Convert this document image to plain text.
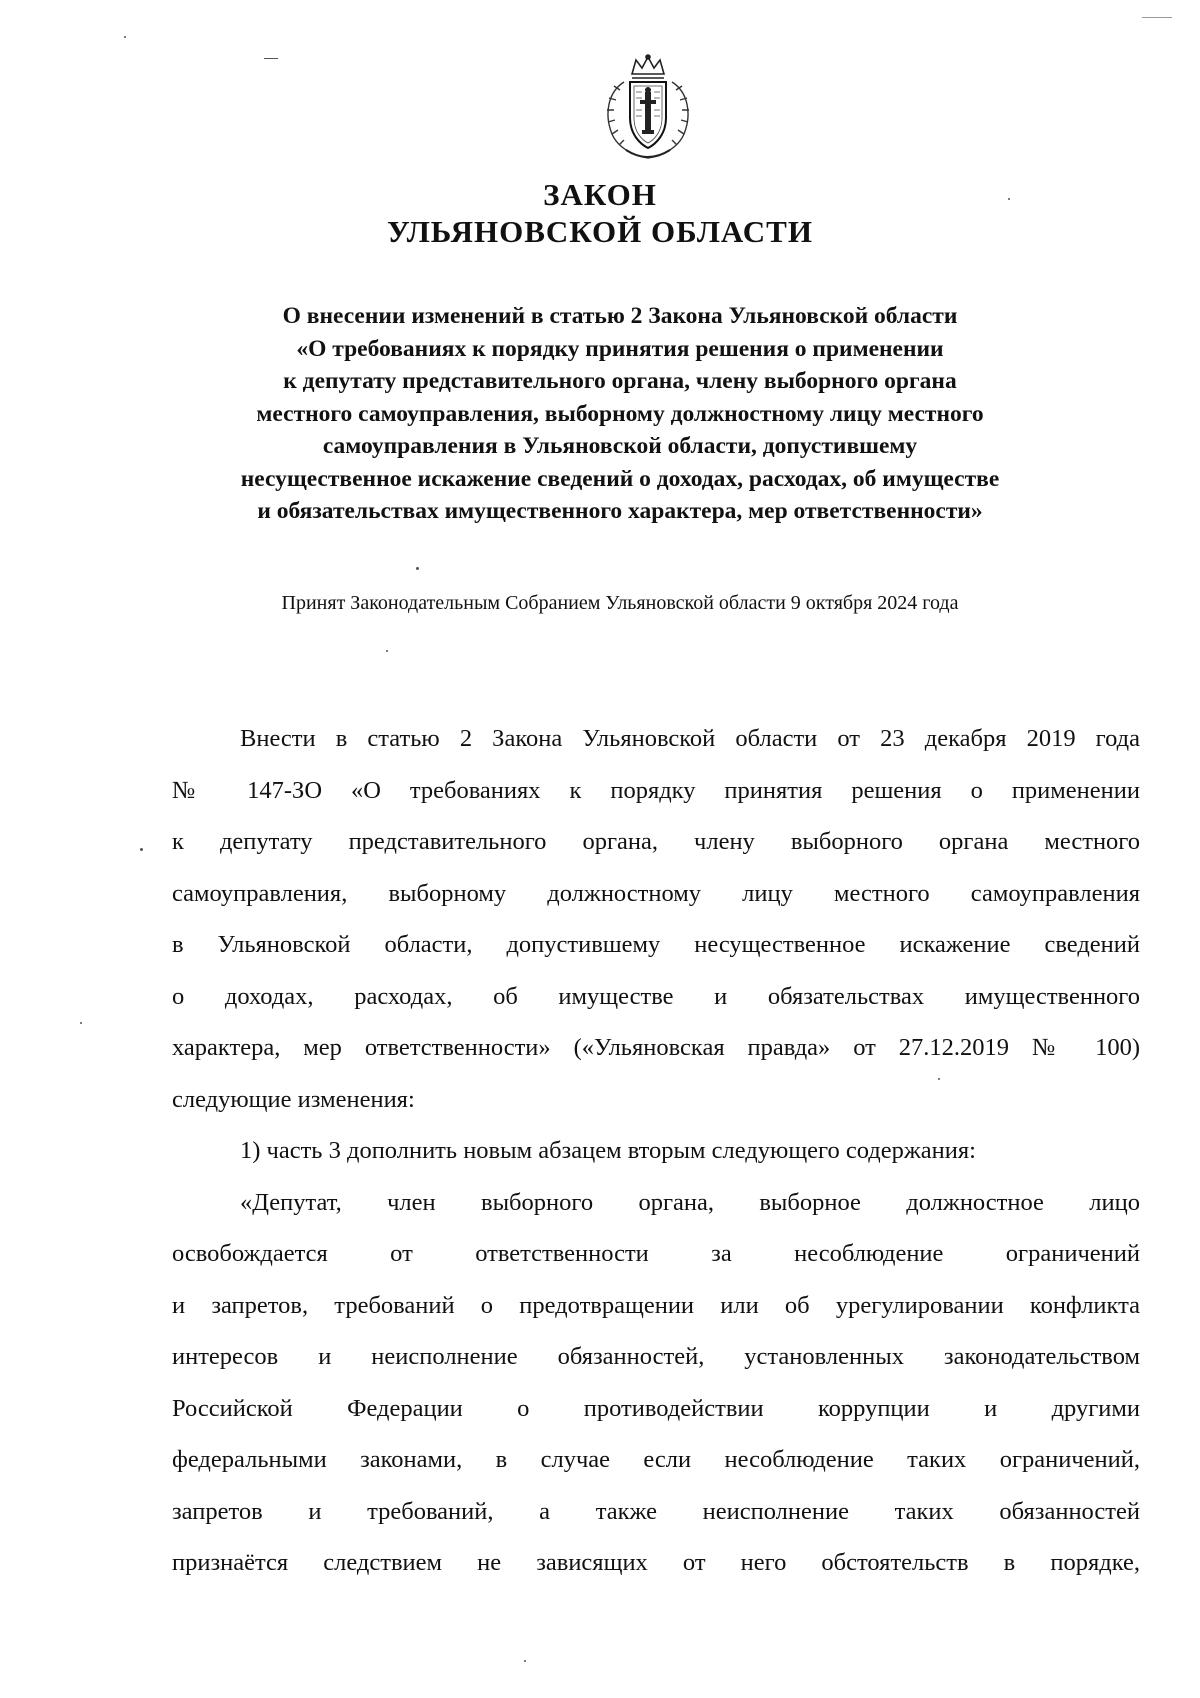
ЗАКОН
УЛЬЯНОВСКОЙ ОБЛАСТИ
О внесении изменений в статью 2 Закона Ульяновской области
«О требованиях к порядку принятия решения о применении
к депутату представительного органа, члену выборного органа
местного самоуправления, выборному должностному лицу местного
самоуправления в Ульяновской области, допустившему
несущественное искажение сведений о доходах, расходах, об имуществе
и обязательствах имущественного характера, мер ответственности»
Принят Законодательным Собранием Ульяновской области 9 октября 2024 года
Внести в статью 2 Закона Ульяновской области от 23 декабря 2019 года
№ 147-ЗО «О требованиях к порядку принятия решения о применении
к депутату представительного органа, члену выборного органа местного
самоуправления, выборному должностному лицу местного самоуправления
в Ульяновской области, допустившему несущественное искажение сведений
о доходах, расходах, об имуществе и обязательствах имущественного
характера, мер ответственности» («Ульяновская правда» от 27.12.2019 № 100)
следующие изменения:
1) часть 3 дополнить новым абзацем вторым следующего содержания:
«Депутат, член выборного органа, выборное должностное лицо
освобождается от ответственности за несоблюдение ограничений
и запретов, требований о предотвращении или об урегулировании конфликта
интересов и неисполнение обязанностей, установленных законодательством
Российской Федерации о противодействии коррупции и другими
федеральными законами, в случае если несоблюдение таких ограничений,
запретов и требований, а также неисполнение таких обязанностей
признаётся следствием не зависящих от него обстоятельств в порядке,
